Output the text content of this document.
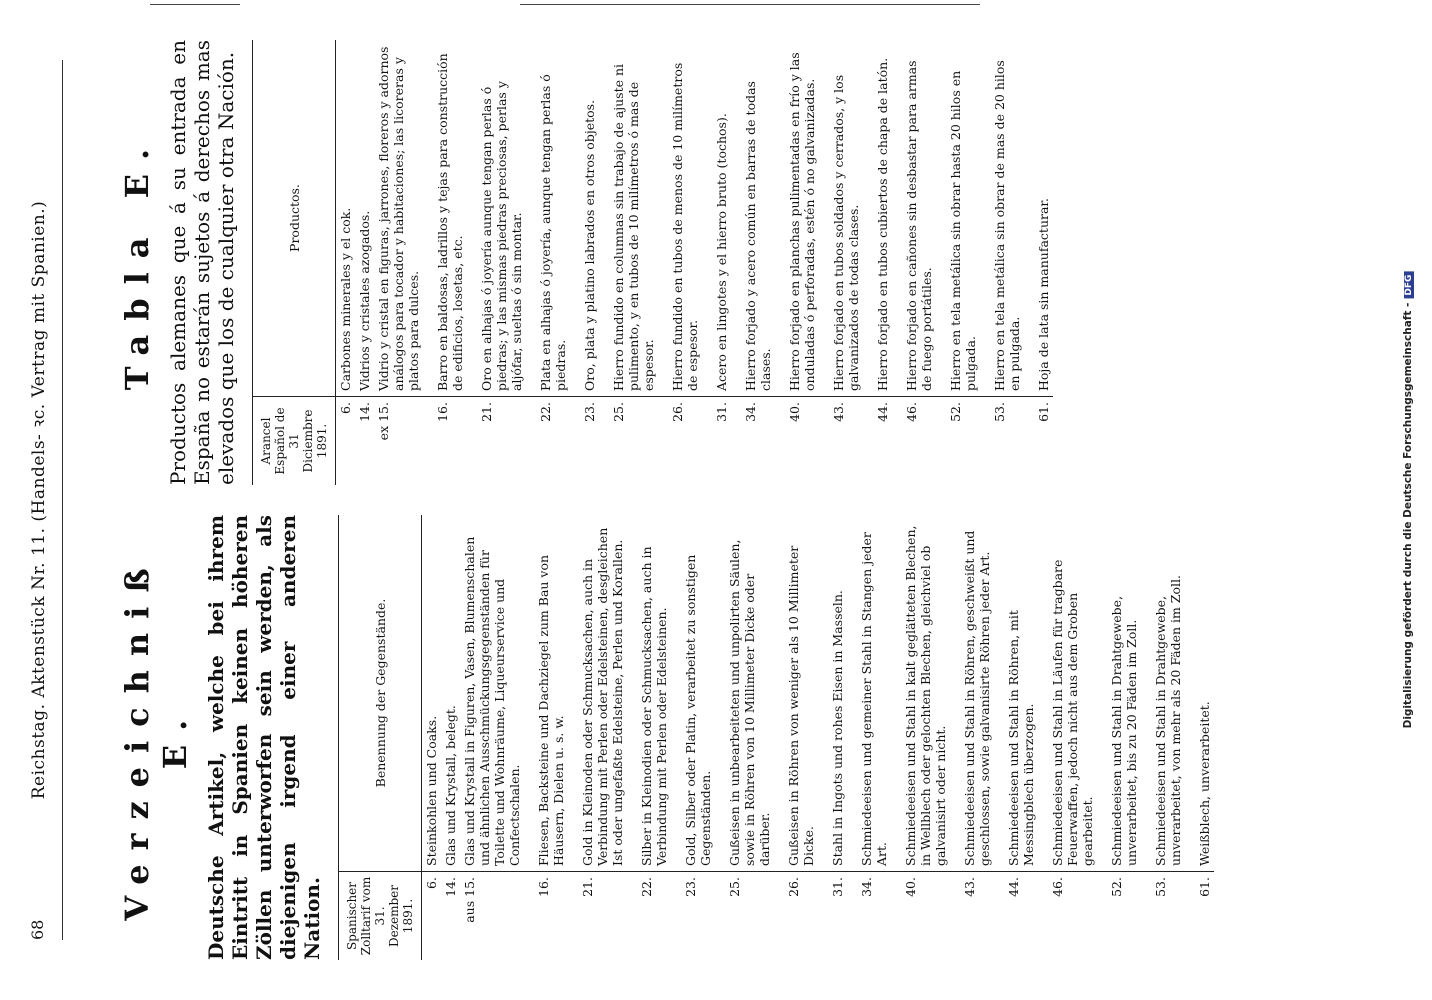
68
Reichstag. Aktenstück Nr. 11. (Handels- ꝛc. Vertrag mit Spanien.) Verzeichniß E. Deutsche Artikel, welche bei ihrem Eintritt in Spanien keinen höheren Zöllen unterworfen sein werden, als diejenigen irgend einer anderen Nation. Spanischer Zolltarif vom 31. Dezember 1891.	Benennung der Gegenstände.
6.	Steinkohlen und Coaks.
14.	Glas und Krystall, belegt.
aus 15.	Glas und Krystall in Figuren, Vasen, Blumenschalen und ähnlichen Ausschmückungsgegenständen für Toilette und Wohnräume, Liqueurservice und Confectschalen.
16.	Fliesen, Backsteine und Dachziegel zum Bau von Häusern, Dielen u. s. w.
21.	Gold in Kleinoden oder Schmucksachen, auch in Verbindung mit Perlen oder Edelsteinen, desgleichen Ist oder ungefaßte Edelsteine, Perlen und Korallen.
22.	Silber in Kleinodien oder Schmucksachen, auch in Verbindung mit Perlen oder Edelsteinen.
23.	Gold, Silber oder Platin, verarbeitet zu sonstigen Gegenständen.
25.	Gußeisen in unbearbeiteten und unpolirten Säulen, sowie in Röhren von 10 Millimeter Dicke oder darüber.
26.	Gußeisen in Röhren von weniger als 10 Millimeter Dicke.
31.	Stahl in Ingots und rohes Eisen in Masseln.
34.	Schmiedeeisen und gemeiner Stahl in Stangen jeder Art.
40.	Schmiedeeisen und Stahl in kalt geglätteten Blechen, in Wellblech oder gelochten Blechen, gleichviel ob galvanisirt oder nicht.
43.	Schmiedeeisen und Stahl in Röhren, geschweißt und geschlossen, sowie galvanisirte Röhren jeder Art.
44.	Schmiedeeisen und Stahl in Röhren, mit Messingblech überzogen.
46.	Schmiedeeisen und Stahl in Läufen für tragbare Feuerwaffen, jedoch nicht aus dem Groben gearbeitet.
52.	Schmiedeeisen und Stahl in Drahtgewebe, unverarbeitet, bis zu 20 Fäden im Zoll.
53.	Schmiedeeisen und Stahl in Drahtgewebe, unverarbeitet, von mehr als 20 Fäden im Zoll.
61.	Weißblech, unverarbeitet.
Tabla E. Productos alemanes que á su entrada en España no estarán sujetos á derechos mas elevados que los de cualquier otra Nación. Arancel Español de 31 Diciembre 1891.	Productos.
6.	Carbones minerales y el cok.
14.	Vidrios y cristales azogados.
ex 15.	Vidrio y cristal en figuras, jarrones, floreros y adornos análogos para tocador y habitaciones; las licoreras y platos para dulces.
16.	Barro en baldosas, ladrillos y tejas para construcción de edificios, losetas, etc.
21.	Oro en alhajas ó joyería aunque tengan perlas ó piedras; y las mismas piedras preciosas, perlas y aljófar, sueltas ó sin montar.
22.	Plata en alhajas ó joyería, aunque tengan perlas ó piedras.
23.	Oro, plata y platino labrados en otros objetos.
25.	Hierro fundido en columnas sin trabajo de ajuste ni pulimento, y en tubos de 10 milímetros ó mas de espesor.
26.	Hierro fundido en tubos de menos de 10 milímetros de espesor.
31.	Acero en lingotes y el hierro bruto (tochos).
34.	Hierro forjado y acero común en barras de todas clases.
40.	Hierro forjado en planchas pulimentadas en frío y las onduladas ó perforadas, estén ó no galvanizadas.
43.	Hierro forjado en tubos soldados y cerrados, y los galvanizados de todas clases.
44.	Hierro forjado en tubos cubiertos de chapa de latón.
46.	Hierro forjado en cañones sin desbastar para armas de fuego portátiles.
52.	Hierro en tela metálica sin obrar hasta 20 hilos en pulgada.
53.	Hierro en tela metálica sin obrar de mas de 20 hilos en pulgada.
61.	Hoja de lata sin manufacturar.
Digitalisierung gefördert durch die Deutsche Forschungsgemeinschaft -DFG
